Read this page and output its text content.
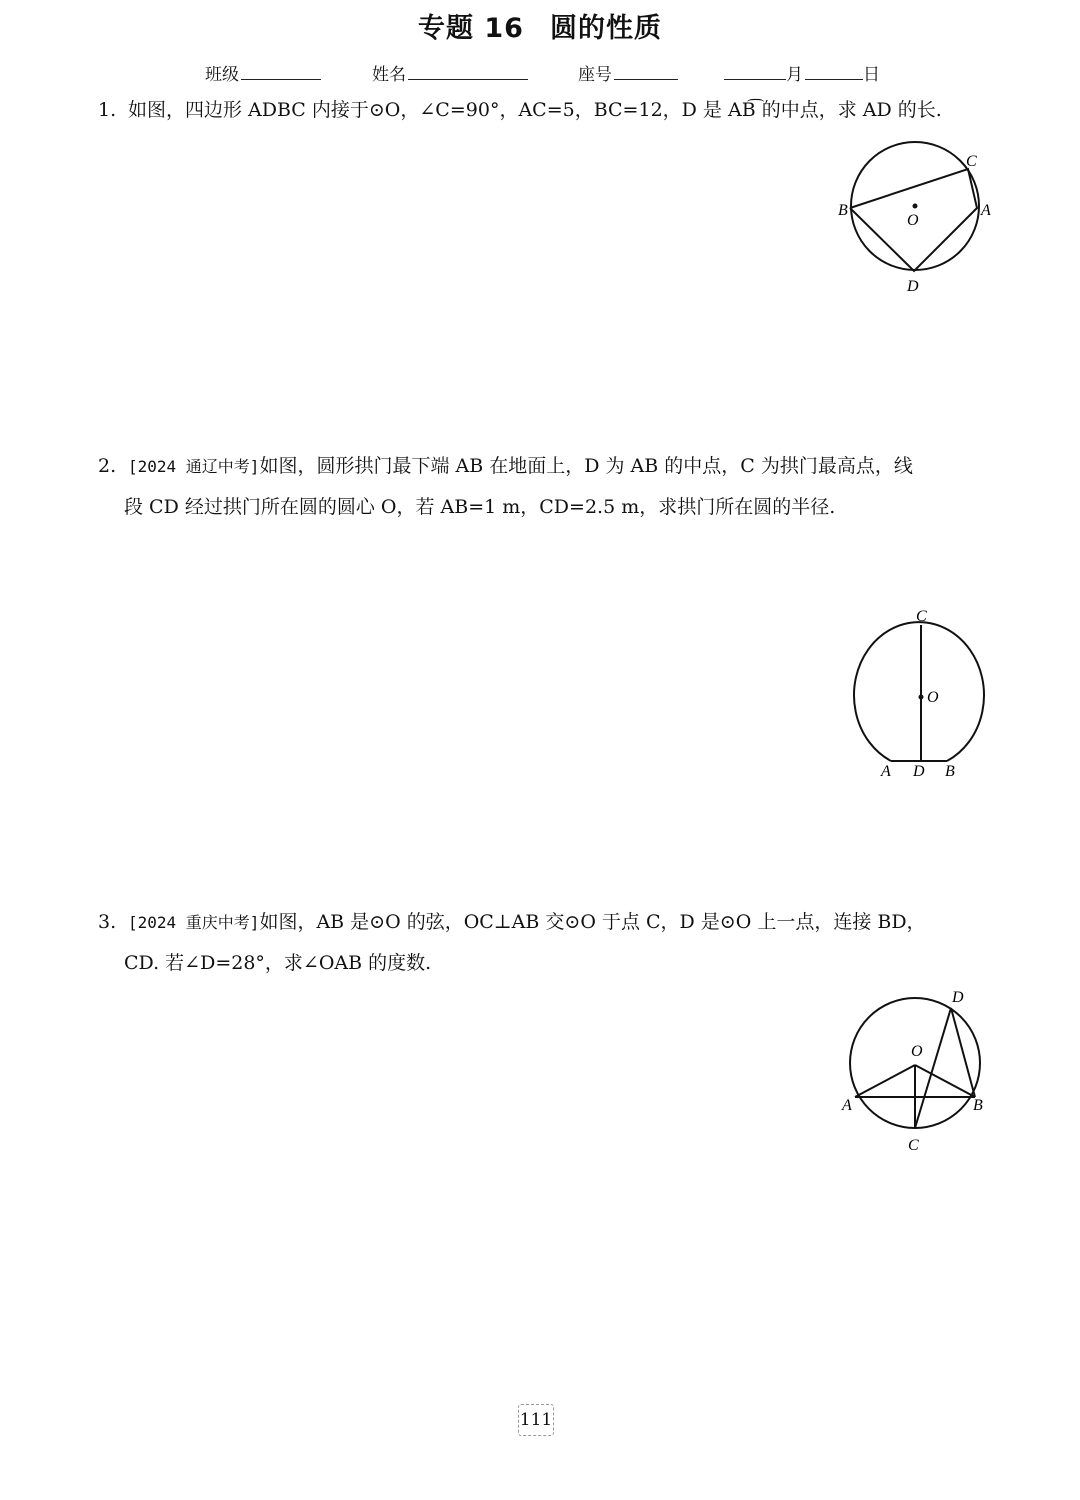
专题 16 圆的性质
班级	姓名	座号	月	日
1. 如图，四边形 ADBC 内接于⊙O，∠C=90°，AC=5，BC=12，D 是 AB͡ 的中点，求 AD 的长.
C
A
B
O
D
2. [2024 通辽中考]如图，圆形拱门最下端 AB 在地面上，D 为 AB 的中点，C 为拱门最高点，线
段 CD 经过拱门所在圆的圆心 O，若 AB=1 m，CD=2.5 m，求拱门所在圆的半径.
C
O
A D B
3. [2024 重庆中考]如图，AB 是⊙O 的弦，OC⊥AB 交⊙O 于点 C，D 是⊙O 上一点，连接 BD，
CD. 若∠D=28°，求∠OAB 的度数.
D
O
A	B
C
111
